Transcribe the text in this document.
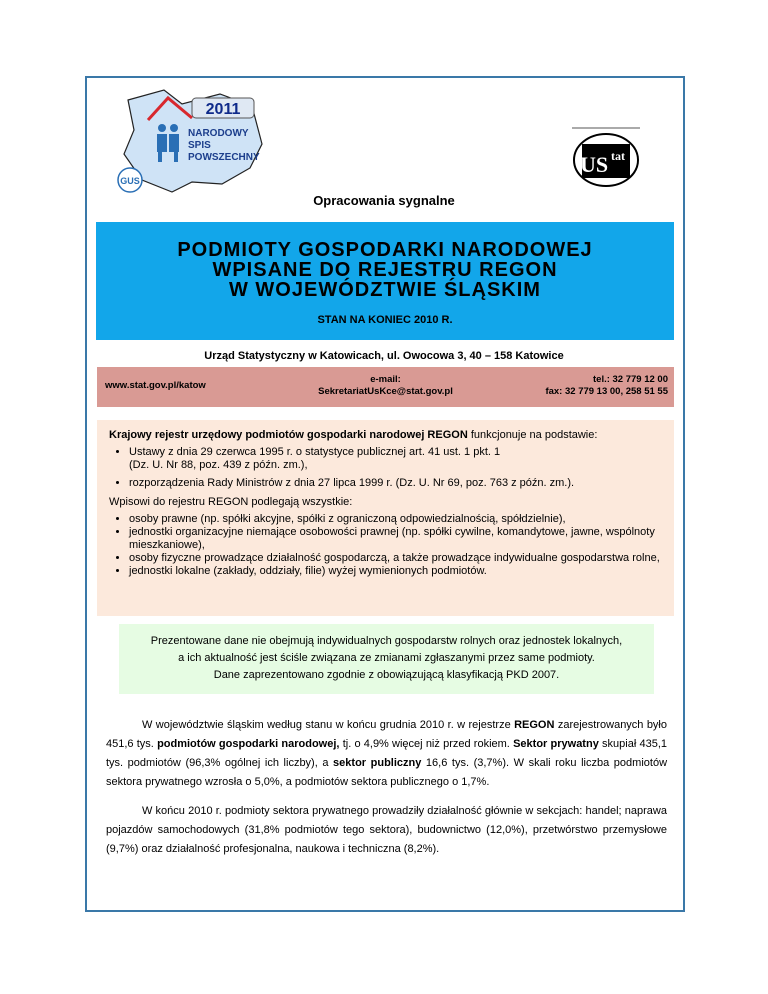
2011
NARODOWY
SPIS
POWSZECHNY
GUS
US tat
Opracowania sygnalne
PODMIOTY GOSPODARKI NARODOWEJ
WPISANE DO REJESTRU REGON
W WOJEWÓDZTWIE ŚLĄSKIM
STAN NA KONIEC 2010 R.
Urząd Statystyczny w Katowicach, ul. Owocowa 3, 40 – 158 Katowice
www.stat.gov.pl/katow
e-mail:
SekretariatUsKce@stat.gov.pl
tel.: 32 779 12 00
fax: 32 779 13 00, 258 51 55

Krajowy rejestr urzędowy podmiotów gospodarki narodowej REGON funkcjonuje na podstawie:

• Ustawy z dnia 29 czerwca 1995 r. o statystyce publicznej art. 41 ust. 1 pkt. 1
(Dz. U. Nr 88, poz. 439 z późn. zm.),
• rozporządzenia Rady Ministrów z dnia 27 lipca 1999 r. (Dz. U. Nr 69, poz. 763 z późn. zm.).

Wpisowi do rejestru REGON podlegają wszystkie:

• osoby prawne (np. spółki akcyjne, spółki z ograniczoną odpowiedzialnością, spółdzielnie),
• jednostki organizacyjne niemające osobowości prawnej (np. spółki cywilne, komandytowe, jawne, wspólnoty mieszkaniowe),
• osoby fizyczne prowadzące działalność gospodarczą, a także prowadzące indywidualne gospodarstwa rolne,
• jednostki lokalne (zakłady, oddziały, filie) wyżej wymienionych podmiotów.
Prezentowane dane nie obejmują indywidualnych gospodarstw rolnych oraz jednostek lokalnych,
a ich aktualność jest ściśle związana ze zmianami zgłaszanymi przez same podmioty.
Dane zaprezentowano zgodnie z obowiązującą klasyfikacją PKD 2007.

W województwie śląskim według stanu w końcu grudnia 2010 r. w rejestrze REGON zarejestrowanych było 451,6 tys. podmiotów gospodarki narodowej, tj. o 4,9% więcej niż przed rokiem. Sektor prywatny skupiał 435,1 tys. podmiotów (96,3% ogólnej ich liczby), a sektor publiczny 16,6 tys. (3,7%). W skali roku liczba podmiotów sektora prywatnego wzrosła o 5,0%, a podmiotów sektora publicznego o 1,7%.

W końcu 2010 r. podmioty sektora prywatnego prowadziły działalność głównie w sekcjach: handel; naprawa pojazdów samochodowych (31,8% podmiotów tego sektora), budownictwo (12,0%), przetwórstwo przemysłowe (9,7%) oraz działalność profesjonalna, naukowa i techniczna (8,2%).
